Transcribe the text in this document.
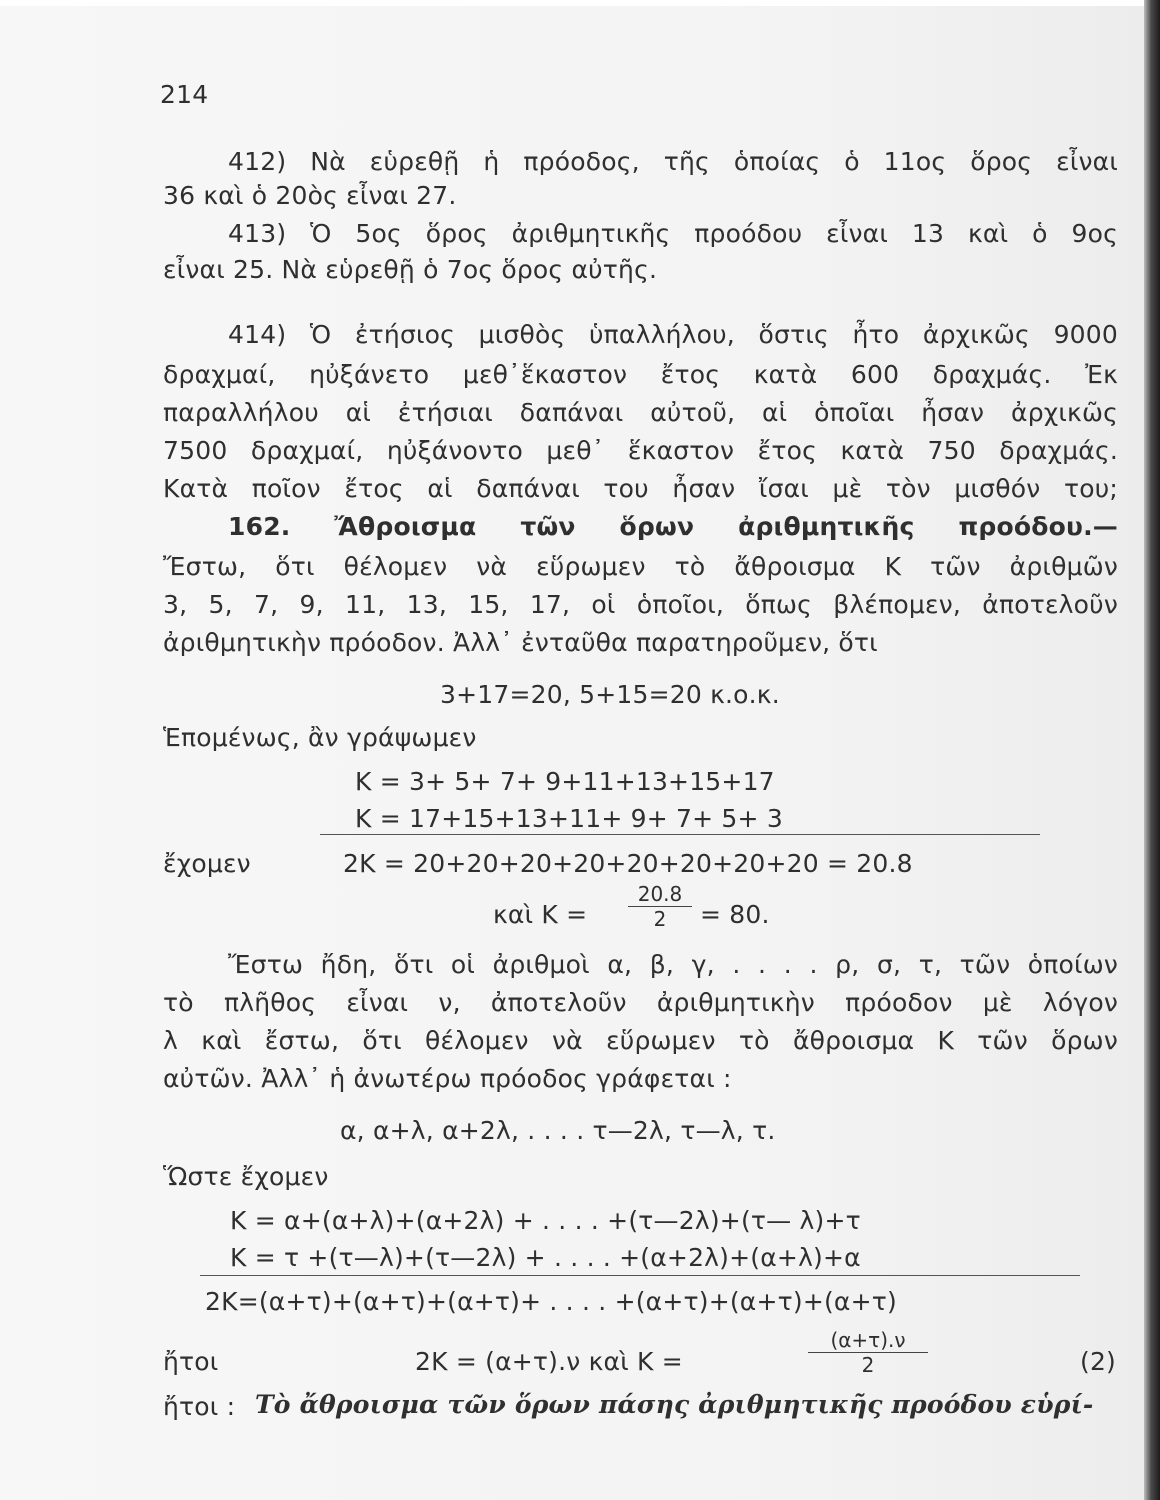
214
412) Νὰ εὑρεθῇ ἡ πρόοδος, τῆς ὁποίας ὁ 11ος ὅρος εἶναι
36 καὶ ὁ 20ὸς εἶναι 27.
413) Ὁ 5ος ὅρος ἀριθμητικῆς προόδου εἶναι 13 καὶ ὁ 9ος
εἶναι 25. Νὰ εὑρεθῇ ὁ 7ος ὅρος αὐτῆς.
414) Ὁ ἐτήσιος μισθὸς ὑπαλλήλου, ὅστις ἦτο ἀρχικῶς 9000
δραχμαί, ηὐξάνετο μεθ᾽ἕκαστον ἔτος κατὰ 600 δραχμάς. Ἐκ
παραλλήλου αἱ ἐτήσιαι δαπάναι αὐτοῦ, αἱ ὁποῖαι ἦσαν ἀρχικῶς
7500 δραχμαί, ηὐξάνοντο μεθ᾽ ἕκαστον ἔτος κατὰ 750 δραχμάς.
Κατὰ ποῖον ἔτος αἱ δαπάναι του ἦσαν ἴσαι μὲ τὸν μισθόν του;
162. Ἄθροισμα τῶν ὅρων ἀριθμητικῆς προόδου.—
Ἔστω, ὅτι θέλομεν νὰ εὕρωμεν τὸ ἄθροισμα Κ τῶν ἀριθμῶν
3, 5, 7, 9, 11, 13, 15, 17, οἱ ὁποῖοι, ὅπως βλέπομεν, ἀποτελοῦν
ἀριθμητικὴν πρόοδον. Ἀλλ᾽ ἐνταῦθα παρατηροῦμεν, ὅτι
3+17=20, 5+15=20 κ.ο.κ.
Ἑπομένως, ἂν γράψωμεν
Κ = 3+ 5+ 7+ 9+11+13+15+17
Κ = 17+15+13+11+ 9+ 7+ 5+ 3
ἔχομεν	2Κ = 20+20+20+20+20+20+20+20 = 20.8
καὶ $K = \frac{20.8}{2} = 80$.
Ἔστω ἤδη, ὅτι οἱ ἀριθμοὶ α, β, γ, . . . . ρ, σ, τ, τῶν ὁποίων
τὸ πλῆθος εἶναι ν, ἀποτελοῦν ἀριθμητικὴν πρόοδον μὲ λόγον
λ καὶ ἔστω, ὅτι θέλομεν νὰ εὕρωμεν τὸ ἄθροισμα Κ τῶν ὅρων
αὐτῶν. Ἀλλ᾽ ἡ ἀνωτέρω πρόοδος γράφεται :
α, α+λ, α+2λ, . . . . τ—2λ, τ—λ, τ.
Ὥστε ἔχομεν
Κ = α+(α+λ)+(α+2λ) + . . . . +(τ—2λ)+(τ— λ)+τ
Κ = τ +(τ—λ)+(τ—2λ) + . . . . +(α+2λ)+(α+λ)+α
2Κ=(α+τ)+(α+τ)+(α+τ)+ . . . . +(α+τ)+(α+τ)+(α+τ)
ἤτοι	2Κ = (α+τ).ν καὶ Κ =	$\frac{(\alpha+\tau).\nu}{2}$	(2)
ἤτοι : Τὸ ἄθροισμα τῶν ὅρων πάσης ἀριθμητικῆς προόδου εὑρί-
